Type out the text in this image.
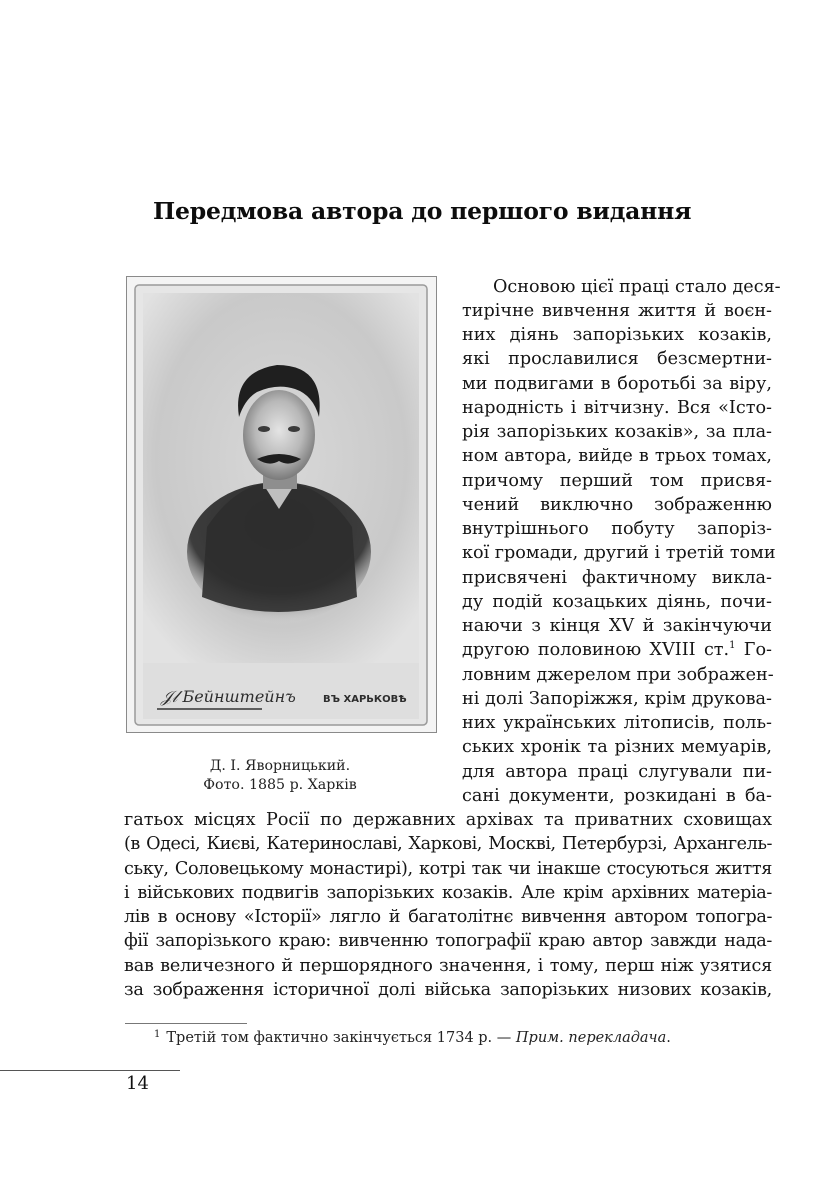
Передмова автора до першого видання
𝒥𝓁 Бейнштейнъ	ВЪ ХАРЬКОВѢ
Д. І. Яворницький.
Фото. 1885 р. Харків
Основою цієї праці стало деся-
тирічне вивчення життя й воєн-
них діянь запорізьких козаків,
які прославилися безсмертни-
ми подвигами в боротьбі за віру,
народність і вітчизну. Вся «Істо-
рія запорізьких козаків», за пла-
ном автора, вийде в трьох томах,
причому перший том присвя-
чений виключно зображенню
внутрішнього побуту запоріз-
кої громади, другий і третій томи
присвячені фактичному викла-
ду подій козацьких діянь, почи-
наючи з кінця XV й закінчуючи
другою половиною XVIII ст.$^1$ Го-
ловним джерелом при зображен-
ні долі Запоріжжя, крім друкова-
них українських літописів, поль-
ських хронік та різних мемуарів,
для автора праці слугували пи-
сані документи, розкидані в ба-
гатьох місцях Росії по державних архівах та приватних сховищах
(в Одесі, Києві, Катеринославі, Харкові, Москві, Петербурзі, Архангель-
ську, Соловецькому монастирі), котрі так чи інакше стосуються життя
і військових подвигів запорізьких козаків. Але крім архівних матеріа-
лів в основу «Історії» лягло й багатолітнє вивчення автором топогра-
фії запорізького краю: вивченню топографії краю автор завжди нада-
вав величезного й першорядного значення, і тому, перш ніж узятися
за зображення історичної долі війська запорізьких низових козаків,
$^1$ Третій том фактично закінчується 1734 р. — Прим. перекладача.
14
